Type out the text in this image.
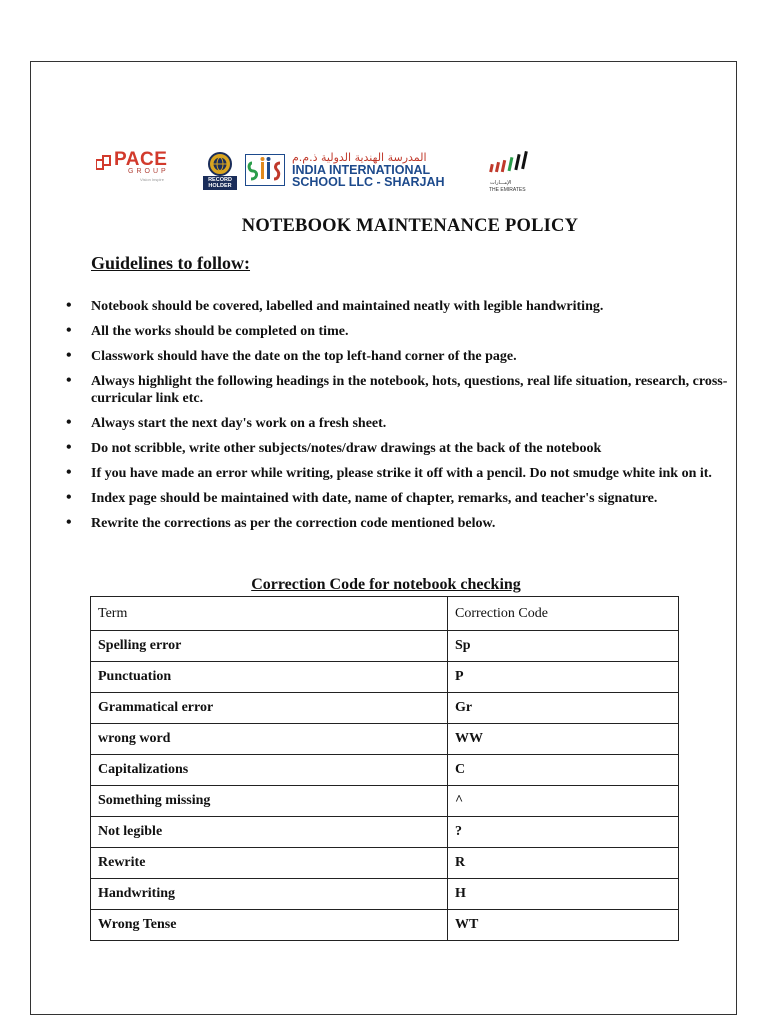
PACE
GROUP
Vision Inspire	RECORD HOLDER
المدرسة الهندية الدولية ذ.م.م
INDIA INTERNATIONAL
SCHOOL LLC - SHARJAH	الإمـــارات
THE EMIRATES
NOTEBOOK MAINTENANCE POLICY
Guidelines to follow:
• Notebook should be covered, labelled and maintained neatly with legible handwriting.
• All the works should be completed on time.
• Classwork should have the date on the top left-hand corner of the page.
• Always highlight the following headings in the notebook, hots, questions, real life situation, research, cross-curricular link etc.
• Always start the next day's work on a fresh sheet.
• Do not scribble, write other subjects/notes/draw drawings at the back of the notebook
• If you have made an error while writing, please strike it off with a pencil. Do not smudge white ink on it.
• Index page should be maintained with date, name of chapter, remarks, and teacher's signature.
• Rewrite the corrections as per the correction code mentioned below.
Correction Code for notebook checking
Term	Correction Code
Spelling error	Sp
Punctuation	P
Grammatical error	Gr
wrong word	WW
Capitalizations	C
Something missing	^
Not legible	?
Rewrite	R
Handwriting	H
Wrong Tense	WT
